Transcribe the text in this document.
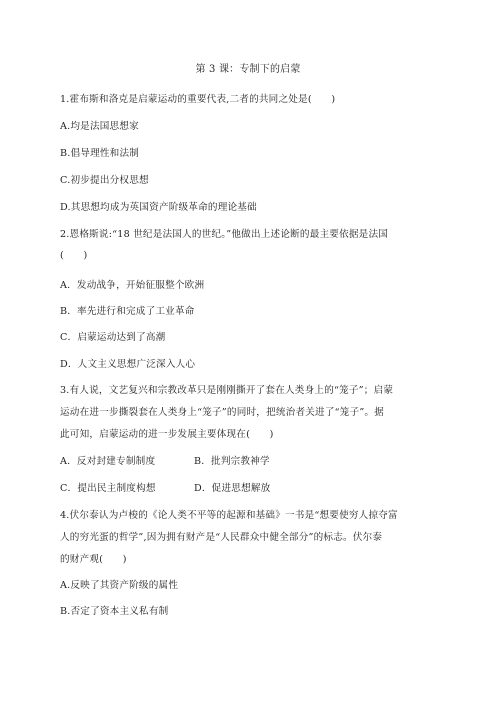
第 3 课：专制下的启蒙
1.霍布斯和洛克是启蒙运动的重要代表,二者的共同之处是(　　)
A.均是法国思想家
B.倡导理性和法制
C.初步提出分权思想
D.其思想均成为英国资产阶级革命的理论基础
2.恩格斯说:“18 世纪是法国人的世纪。”他做出上述论断的最主要依据是法国
(　　)
A．发动战争，开始征服整个欧洲
B．率先进行和完成了工业革命
C．启蒙运动达到了高潮
D．人文主义思想广泛深入人心
3.有人说，文艺复兴和宗教改革只是刚刚撕开了套在人类身上的“笼子”；启蒙
运动在进一步撕裂套在人类身上“笼子”的同时，把统治者关进了“笼子”。据
此可知，启蒙运动的进一步发展主要体现在(　　)
A．反对封建专制制度	B．批判宗教神学
C．提出民主制度构想	D．促进思想解放
4.伏尔泰认为卢梭的《论人类不平等的起源和基础》一书是“想要使穷人掠夺富
人的穷光蛋的哲学”,因为拥有财产是“人民群众中健全部分”的标志。伏尔泰
的财产观(　　)
A.反映了其资产阶级的属性
B.否定了资本主义私有制
